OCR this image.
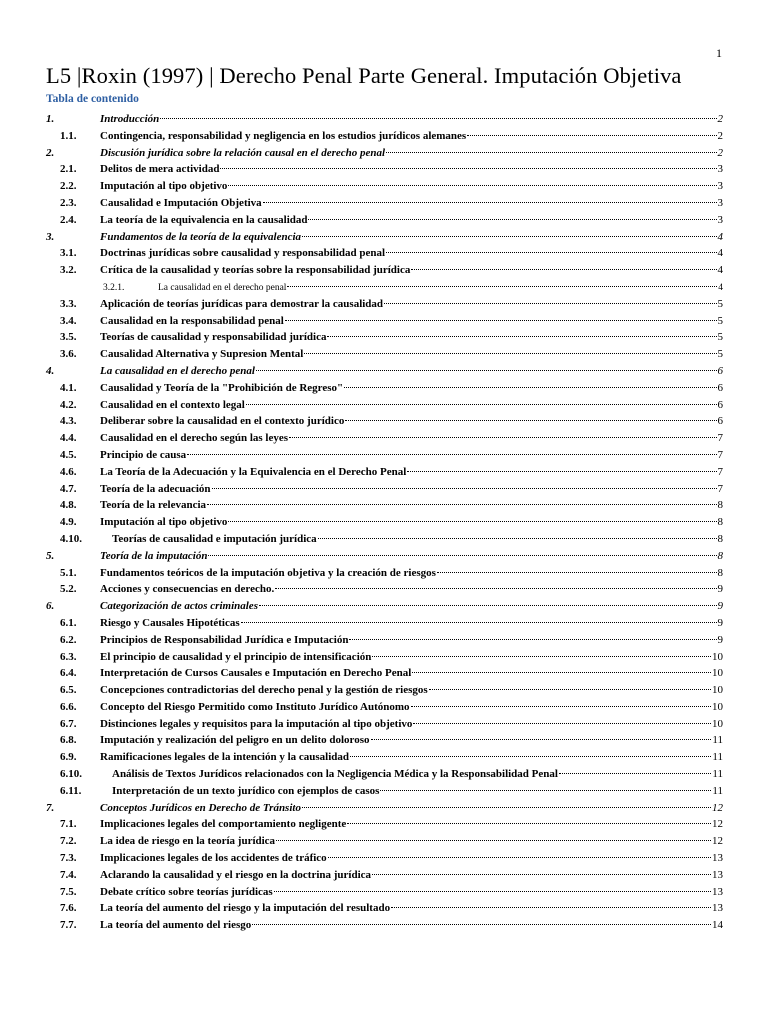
1
L5 |Roxin (1997) | Derecho Penal Parte General. Imputación Objetiva
Tabla de contenido
1.	Introducción	2
1.1.	Contingencia, responsabilidad y negligencia en los estudios jurídicos alemanes	2
2.	Discusión jurídica sobre la relación causal en el derecho penal	2
2.1.	Delitos de mera actividad	3
2.2.	Imputación al tipo objetivo	3
2.3.	Causalidad e Imputación Objetiva	3
2.4.	La teoría de la equivalencia en la causalidad	3
3.	Fundamentos de la teoría de la equivalencia	4
3.1.	Doctrinas jurídicas sobre causalidad y responsabilidad penal	4
3.2.	Crítica de la causalidad y teorías sobre la responsabilidad jurídica	4
3.2.1.	La causalidad en el derecho penal	4
3.3.	Aplicación de teorías jurídicas para demostrar la causalidad	5
3.4.	Causalidad en la responsabilidad penal	5
3.5.	Teorías de causalidad y responsabilidad jurídica	5
3.6.	Causalidad Alternativa y Supresion Mental	5
4.	La causalidad en el derecho penal	6
4.1.	Causalidad y Teoría de la "Prohibición de Regreso"	6
4.2.	Causalidad en el contexto legal	6
4.3.	Deliberar sobre la causalidad en el contexto jurídico	6
4.4.	Causalidad en el derecho según las leyes	7
4.5.	Principio de causa	7
4.6.	La Teoría de la Adecuación y la Equivalencia en el Derecho Penal	7
4.7.	Teoría de la adecuación	7
4.8.	Teoría de la relevancia	8
4.9.	Imputación al tipo objetivo	8
4.10.	Teorías de causalidad e imputación jurídica	8
5.	Teoría de la imputación	8
5.1.	Fundamentos teóricos de la imputación objetiva y la creación de riesgos	8
5.2.	Acciones y consecuencias en derecho.	9
6.	Categorización de actos criminales	9
6.1.	Riesgo y Causales Hipotéticas	9
6.2.	Principios de Responsabilidad Jurídica e Imputación	9
6.3.	El principio de causalidad y el principio de intensificación	10
6.4.	Interpretación de Cursos Causales e Imputación en Derecho Penal	10
6.5.	Concepciones contradictorias del derecho penal y la gestión de riesgos	10
6.6.	Concepto del Riesgo Permitido como Instituto Jurídico Autónomo	10
6.7.	Distinciones legales y requisitos para la imputación al tipo objetivo	10
6.8.	Imputación y realización del peligro en un delito doloroso	11
6.9.	Ramificaciones legales de la intención y la causalidad	11
6.10.	Análisis de Textos Jurídicos relacionados con la Negligencia Médica y la Responsabilidad Penal	11
6.11.	Interpretación de un texto jurídico con ejemplos de casos	11
7.	Conceptos Jurídicos en Derecho de Tránsito	12
7.1.	Implicaciones legales del comportamiento negligente	12
7.2.	La idea de riesgo en la teoría jurídica	12
7.3.	Implicaciones legales de los accidentes de tráfico	13
7.4.	Aclarando la causalidad y el riesgo en la doctrina jurídica	13
7.5.	Debate crítico sobre teorías jurídicas	13
7.6.	La teoría del aumento del riesgo y la imputación del resultado	13
7.7.	La teoría del aumento del riesgo	14
